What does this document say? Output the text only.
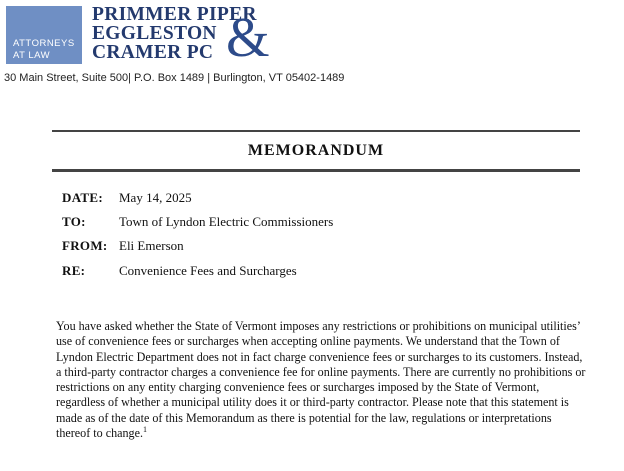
ATTORNEYS
AT LAW
PRIMMER PIPER
EGGLESTON
CRAMER PC &
30 Main Street, Suite 500| P.O. Box 1489 | Burlington, VT 05402-1489
MEMORANDUM
DATE: May 14, 2025
TO:	Town of Lyndon Electric Commissioners
FROM: Eli Emerson
RE:	Convenience Fees and Surcharges
You have asked whether the State of Vermont imposes any restrictions or prohibitions on municipal utilities’ use of convenience fees or surcharges when accepting online payments. We understand that the Town of Lyndon Electric Department does not in fact charge convenience fees or surcharges to its customers. Instead, a third-party contractor charges a convenience fee for online payments. There are currently no prohibitions or restrictions on any entity charging convenience fees or surcharges imposed by the State of Vermont, regardless of whether a municipal utility does it or third-party contractor. Please note that this statement is made as of the date of this Memorandum as there is potential for the law, regulations or interpretations thereof to change.$^1$
